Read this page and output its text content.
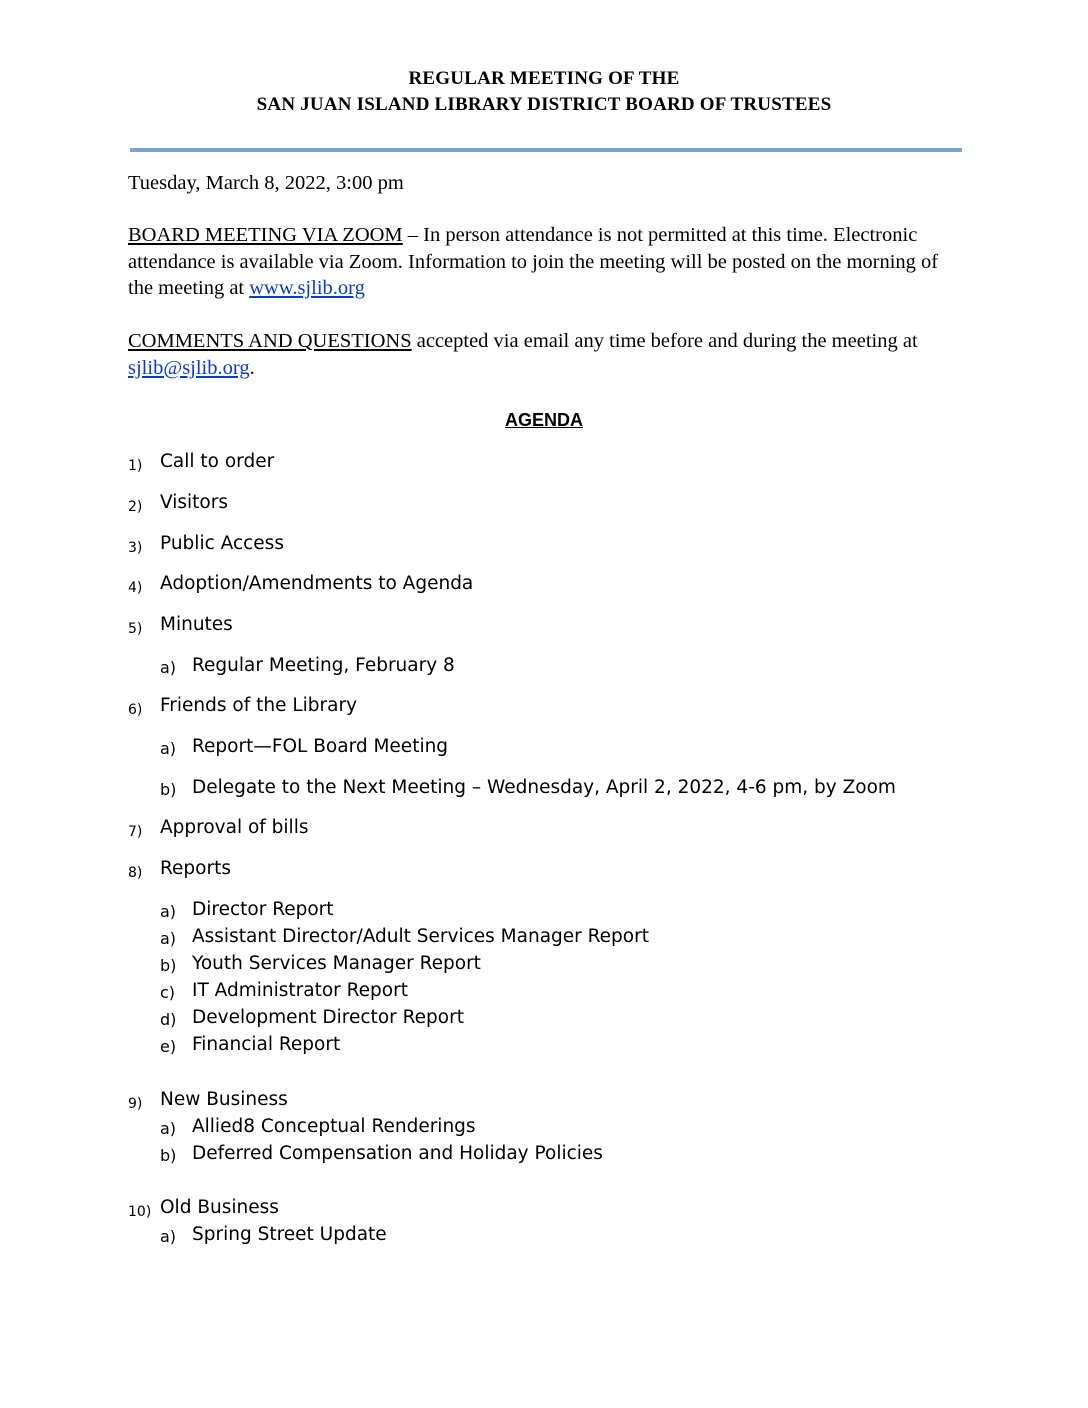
REGULAR MEETING OF THE
SAN JUAN ISLAND LIBRARY DISTRICT BOARD OF TRUSTEES
Tuesday, March 8, 2022, 3:00 pm
BOARD MEETING VIA ZOOM – In person attendance is not permitted at this time. Electronic attendance is available via Zoom. Information to join the meeting will be posted on the morning of the meeting at www.sjlib.org
COMMENTS AND QUESTIONS accepted via email any time before and during the meeting at sjlib@sjlib.org.
AGENDA
1) Call to order
2) Visitors
3) Public Access
4) Adoption/Amendments to Agenda
5) Minutes
a) Regular Meeting, February 8
6) Friends of the Library
a) Report—FOL Board Meeting
b) Delegate to the Next Meeting – Wednesday, April 2, 2022, 4-6 pm, by Zoom
7) Approval of bills
8) Reports
a) Director Report
a) Assistant Director/Adult Services Manager Report
b) Youth Services Manager Report
c) IT Administrator Report
d) Development Director Report
e) Financial Report
9) New Business
a) Allied8 Conceptual Renderings
b) Deferred Compensation and Holiday Policies
10) Old Business
a) Spring Street Update
